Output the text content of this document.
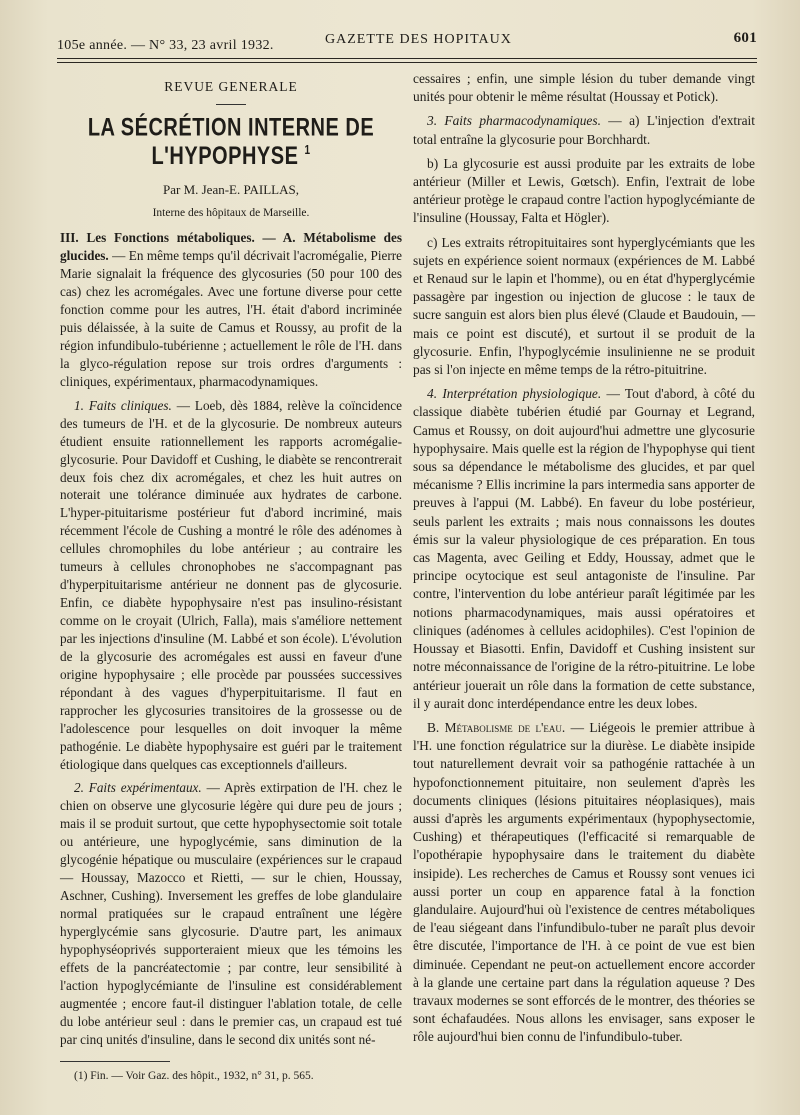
105e année. — N° 33, 23 avril 1932.	GAZETTE DES HOPITAUX	601
REVUE GENERALE
LA SÉCRÉTION INTERNE DE L'HYPOPHYSE $^1$

Par M. Jean-E. PAILLAS,

Interne des hôpitaux de Marseille.

III. Les Fonctions métaboliques. — A. Métabolisme des glucides. — En même temps qu'il décrivait l'acromégalie, Pierre Marie signalait la fréquence des glycosuries (50 pour 100 des cas) chez les acromégales. Avec une fortune diverse pour cette fonction comme pour les autres, l'H. était d'abord incriminée puis délaissée, à la suite de Camus et Roussy, au profit de la région infundibulo-tubérienne ; actuellement le rôle de l'H. dans la glyco-régulation repose sur trois ordres d'arguments : cliniques, expérimentaux, pharmacodynamiques.

1. Faits cliniques. — Loeb, dès 1884, relève la coïncidence des tumeurs de l'H. et de la glycosurie. De nombreux auteurs étudient ensuite rationnellement les rapports acromégalie-glycosurie. Pour Davidoff et Cushing, le diabète se rencontrerait deux fois chez dix acromégales, et chez les huit autres on noterait une tolérance diminuée aux hydrates de carbone. L'hyper-pituitarisme postérieur fut d'abord incriminé, mais récemment l'école de Cushing a montré le rôle des adénomes à cellules chromophiles du lobe antérieur ; au contraire les tumeurs à cellules chronophobes ne s'accompagnant pas d'hyperpituitarisme antérieur ne donnent pas de glycosurie. Enfin, ce diabète hypophysaire n'est pas insulino-résistant comme on le croyait (Ulrich, Falla), mais s'améliore nettement par les injections d'insuline (M. Labbé et son école). L'évolution de la glycosurie des acromégales est aussi en faveur d'une origine hypophysaire ; elle procède par poussées successives répondant à des vagues d'hyperpituitarisme. Il faut en rapprocher les glycosuries transitoires de la grossesse ou de l'adolescence pour lesquelles on doit invoquer la même pathogénie. Le diabète hypophysaire est guéri par le traitement étiologique dans quelques cas exceptionnels d'ailleurs.

2. Faits expérimentaux. — Après extirpation de l'H. chez le chien on observe une glycosurie légère qui dure peu de jours ; mais il se produit surtout, que cette hypophysectomie soit totale ou antérieure, une hypoglycémie, sans diminution de la glycogénie hépatique ou musculaire (expériences sur le crapaud — Houssay, Mazocco et Rietti, — sur le chien, Houssay, Aschner, Cushing). Inversement les greffes de lobe glandulaire normal pratiquées sur le crapaud entraînent une légère hyperglycémie sans glycosurie. D'autre part, les animaux hypophyséoprivés supporteraient mieux que les témoins les effets de la pancréatectomie ; par contre, leur sensibilité à l'action hypoglycémiante de l'insuline est considérablement augmentée ; encore faut-il distinguer l'ablation totale, de celle du lobe antérieur seul : dans le premier cas, un crapaud est tué par cinq unités d'insuline, dans le second dix unités sont né-

(1) Fin. — Voir Gaz. des hôpit., 1932, n° 31, p. 565.

cessaires ; enfin, une simple lésion du tuber demande vingt unités pour obtenir le même résultat (Houssay et Potick).

3. Faits pharmacodynamiques. — a) L'injection d'extrait total entraîne la glycosurie pour Borchhardt.

b) La glycosurie est aussi produite par les extraits de lobe antérieur (Miller et Lewis, Gœtsch). Enfin, l'extrait de lobe antérieur protège le crapaud contre l'action hypoglycémiante de l'insuline (Houssay, Falta et Högler).

c) Les extraits rétropituitaires sont hyperglycémiants que les sujets en expérience soient normaux (expériences de M. Labbé et Renaud sur le lapin et l'homme), ou en état d'hyperglycémie passagère par ingestion ou injection de glucose : le taux de sucre sanguin est alors bien plus élevé (Claude et Baudouin, — mais ce point est discuté), et surtout il se produit de la glycosurie. Enfin, l'hypoglycémie insulinienne ne se produit pas si l'on injecte en même temps de la rétro-pituitrine.

4. Interprétation physiologique. — Tout d'abord, à côté du classique diabète tubérien étudié par Gournay et Legrand, Camus et Roussy, on doit aujourd'hui admettre une glycosurie hypophysaire. Mais quelle est la région de l'hypophyse qui tient sous sa dépendance le métabolisme des glucides, et par quel mécanisme ? Ellis incrimine la pars intermedia sans apporter de preuves à l'appui (M. Labbé). En faveur du lobe postérieur, seuls parlent les extraits ; mais nous connaissons les doutes émis sur la valeur physiologique de ces préparation. En tous cas Magenta, avec Geiling et Eddy, Houssay, admet que le principe ocytocique est seul antagoniste de l'insuline. Par contre, l'intervention du lobe antérieur paraît légitimée par les notions pharmacodynamiques, mais aussi opératoires et cliniques (adénomes à cellules acidophiles). C'est l'opinion de Houssay et Biasotti. Enfin, Davidoff et Cushing insistent sur notre méconnaissance de l'origine de la rétro-pituitrine. Le lobe antérieur jouerait un rôle dans la formation de cette substance, il y aurait donc interdépendance entre les deux lobes.

B. Métabolisme de l'eau. — Liégeois le premier attribue à l'H. une fonction régulatrice sur la diurèse. Le diabète insipide tout naturellement devrait voir sa pathogénie rattachée à un hypofonctionnement pituitaire, non seulement d'après les documents cliniques (lésions pituitaires néoplasiques), mais aussi d'après les arguments expérimentaux (hypophysectomie, Cushing) et thérapeutiques (l'efficacité si remarquable de l'opothérapie hypophysaire dans le traitement du diabète insipide). Les recherches de Camus et Roussy sont venues ici aussi porter un coup en apparence fatal à la fonction glandulaire. Aujourd'hui où l'existence de centres métaboliques de l'eau siégeant dans l'infundibulo-tuber ne paraît plus devoir être discutée, l'importance de l'H. à ce point de vue est bien diminuée. Cependant ne peut-on actuellement encore accorder à la glande une certaine part dans la régulation aqueuse ? Des travaux modernes se sont efforcés de le montrer, des théories se sont échafaudées. Nous allons les envisager, sans exposer le rôle aujourd'hui bien connu de l'infundibulo-tuber.
